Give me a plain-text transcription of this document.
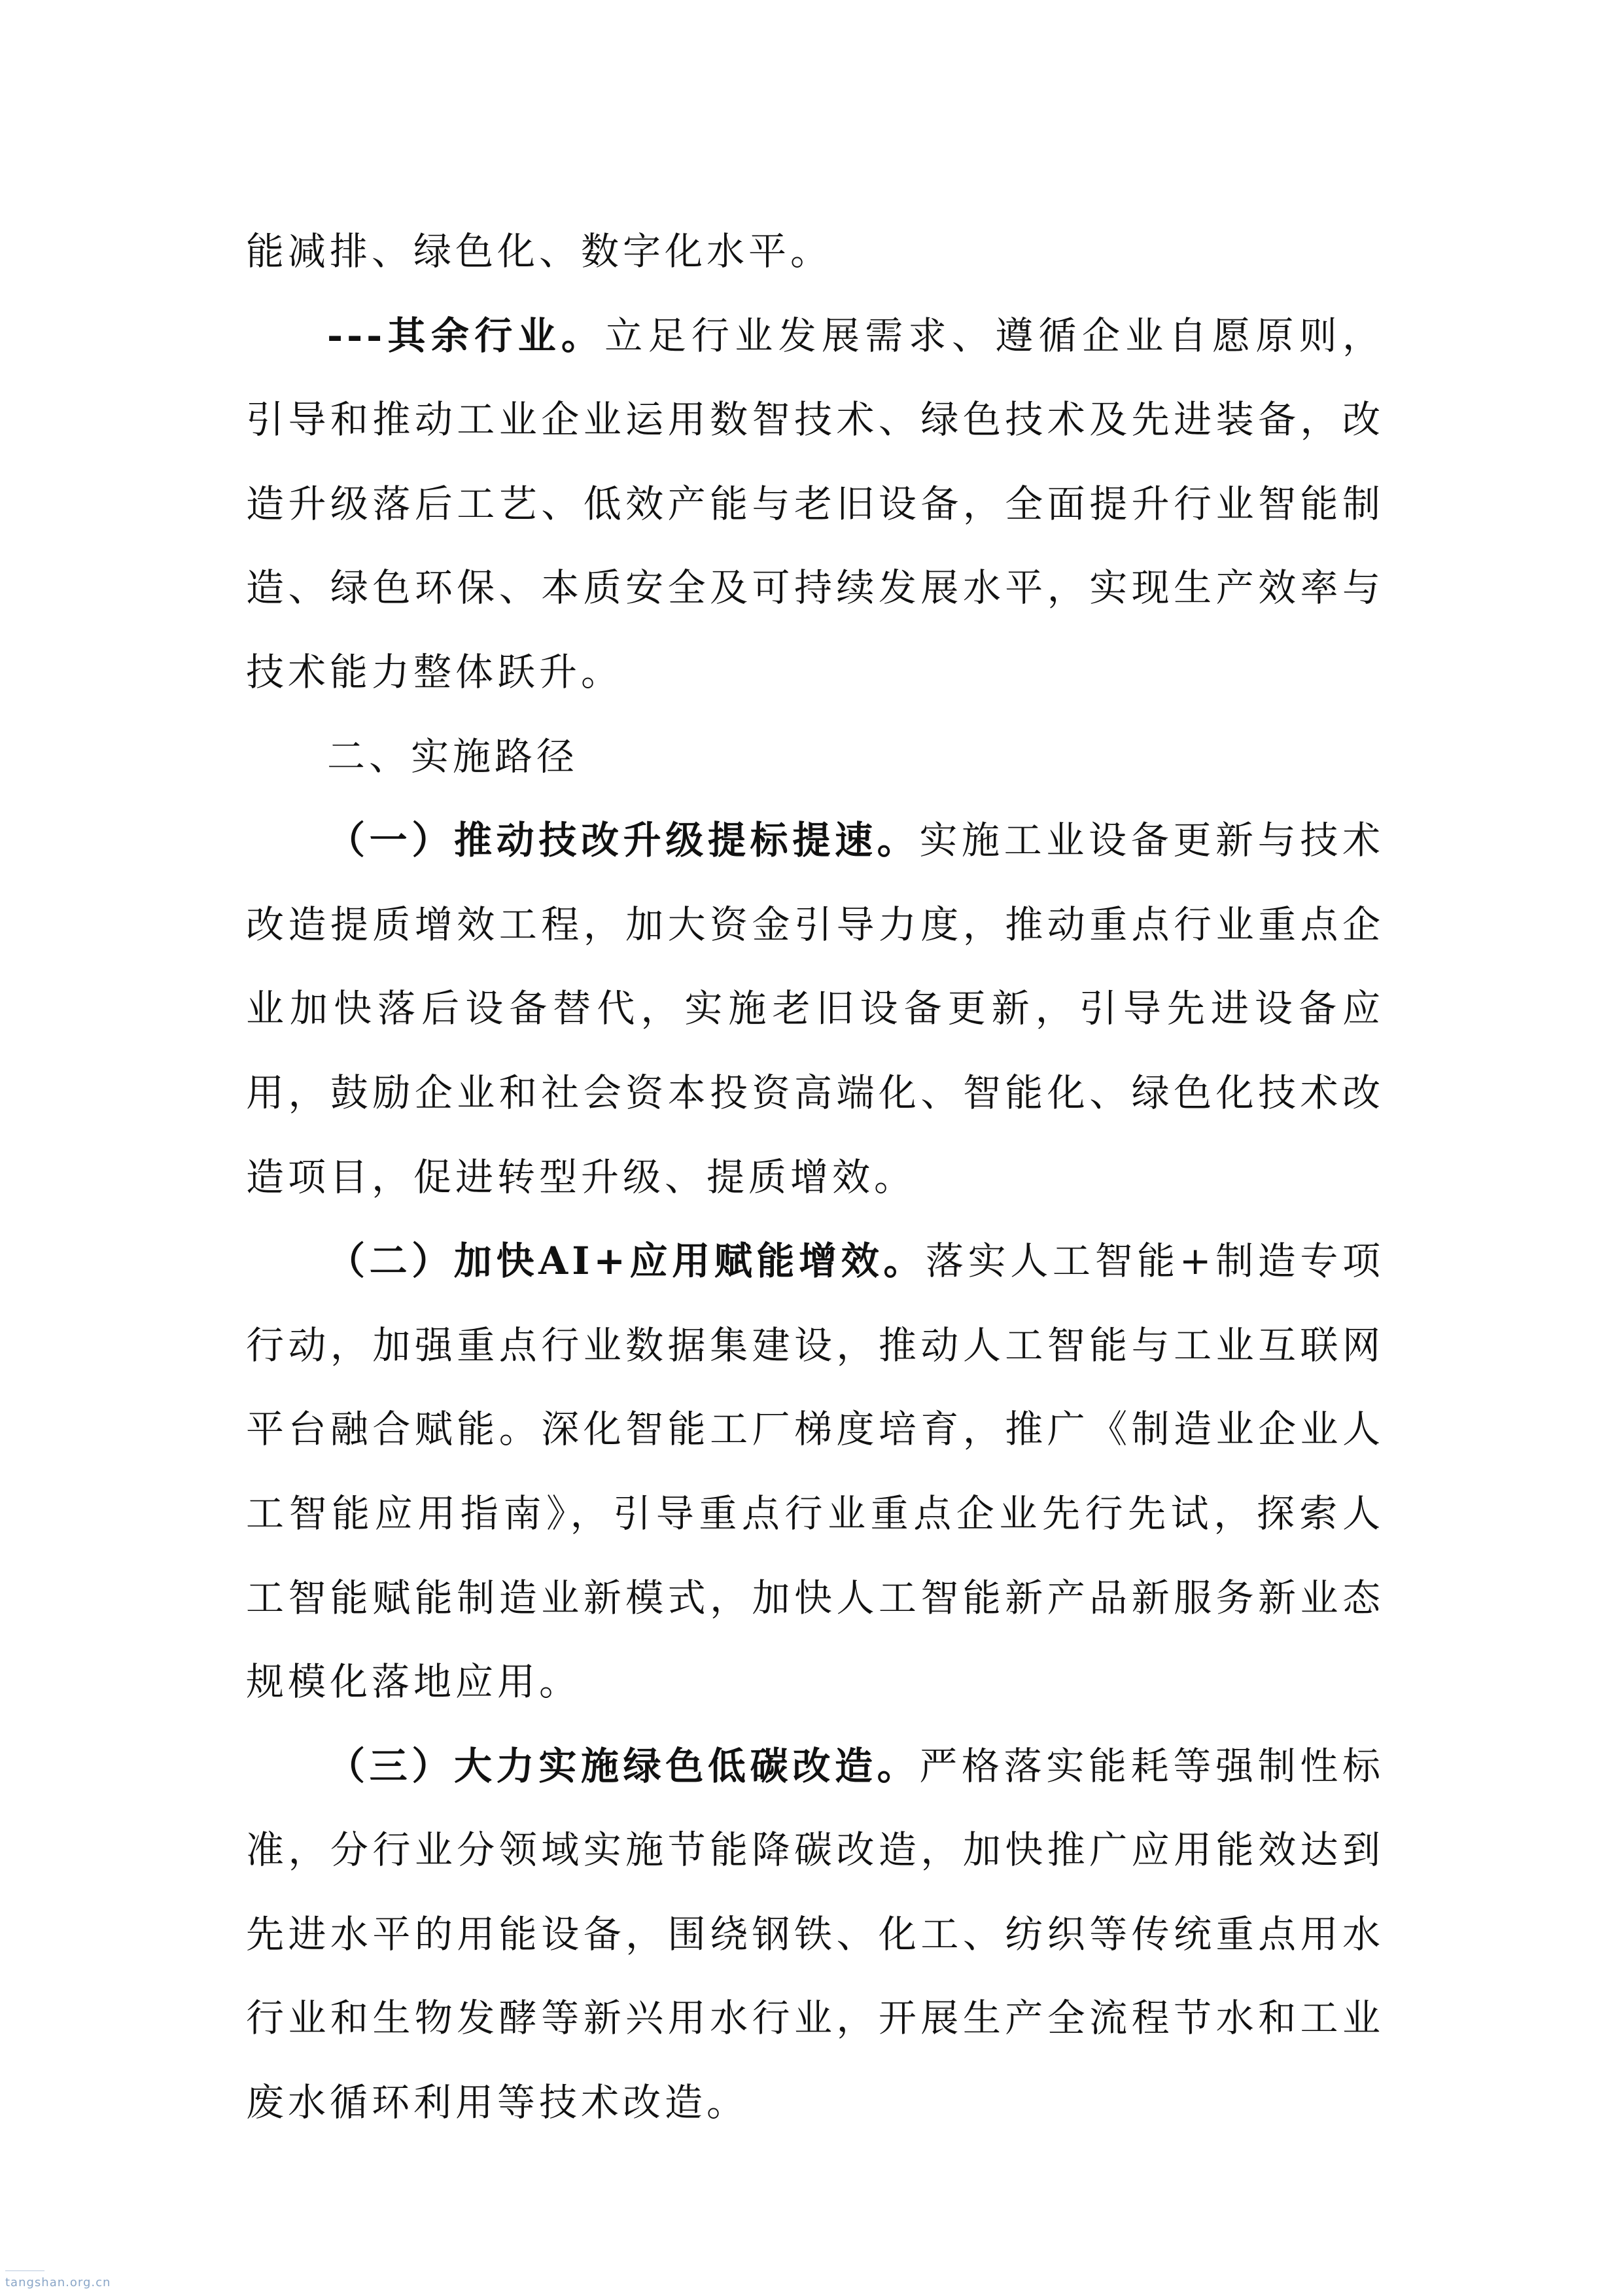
能减排、绿色化、数字化水平。

---其余行业。立足行业发展需求、遵循企业自愿原则，引导和推动工业企业运用数智技术、绿色技术及先进装备，改造升级落后工艺、低效产能与老旧设备，全面提升行业智能制造、绿色环保、本质安全及可持续发展水平，实现生产效率与技术能力整体跃升。

二、实施路径

（一）推动技改升级提标提速。实施工业设备更新与技术改造提质增效工程，加大资金引导力度，推动重点行业重点企业加快落后设备替代，实施老旧设备更新，引导先进设备应用，鼓励企业和社会资本投资高端化、智能化、绿色化技术改造项目，促进转型升级、提质增效。

（二）加快AI+应用赋能增效。落实人工智能+制造专项行动，加强重点行业数据集建设，推动人工智能与工业互联网平台融合赋能。深化智能工厂梯度培育，推广《制造业企业人工智能应用指南》，引导重点行业重点企业先行先试，探索人工智能赋能制造业新模式，加快人工智能新产品新服务新业态规模化落地应用。

（三）大力实施绿色低碳改造。严格落实能耗等强制性标准，分行业分领域实施节能降碳改造，加快推广应用能效达到先进水平的用能设备，围绕钢铁、化工、纺织等传统重点用水行业和生物发酵等新兴用水行业，开展生产全流程节水和工业废水循环利用等技术改造。

tangshan.org.cn
